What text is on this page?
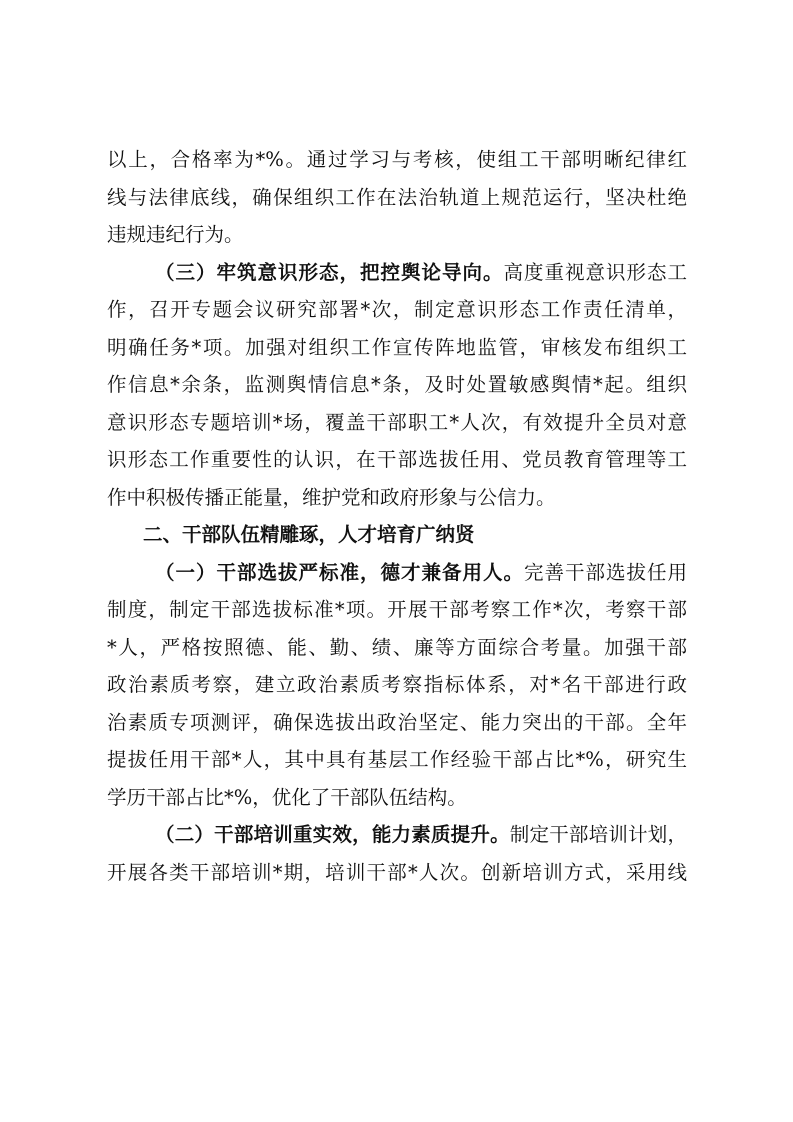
以上，合格率为*%。通过学习与考核，使组工干部明晰纪律红
线与法律底线，确保组织工作在法治轨道上规范运行，坚决杜绝
违规违纪行为。
（三）牢筑意识形态，把控舆论导向。高度重视意识形态工
作，召开专题会议研究部署*次，制定意识形态工作责任清单，
明确任务*项。加强对组织工作宣传阵地监管，审核发布组织工
作信息*余条，监测舆情信息*条，及时处置敏感舆情*起。组织
意识形态专题培训*场，覆盖干部职工*人次，有效提升全员对意
识形态工作重要性的认识，在干部选拔任用、党员教育管理等工
作中积极传播正能量，维护党和政府形象与公信力。
二、干部队伍精雕琢，人才培育广纳贤
（一）干部选拔严标准，德才兼备用人。完善干部选拔任用
制度，制定干部选拔标准*项。开展干部考察工作*次，考察干部
*人，严格按照德、能、勤、绩、廉等方面综合考量。加强干部
政治素质考察，建立政治素质考察指标体系，对*名干部进行政
治素质专项测评，确保选拔出政治坚定、能力突出的干部。全年
提拔任用干部*人，其中具有基层工作经验干部占比*%，研究生
学历干部占比*%，优化了干部队伍结构。
（二）干部培训重实效，能力素质提升。制定干部培训计划，
开展各类干部培训*期，培训干部*人次。创新培训方式，采用线
